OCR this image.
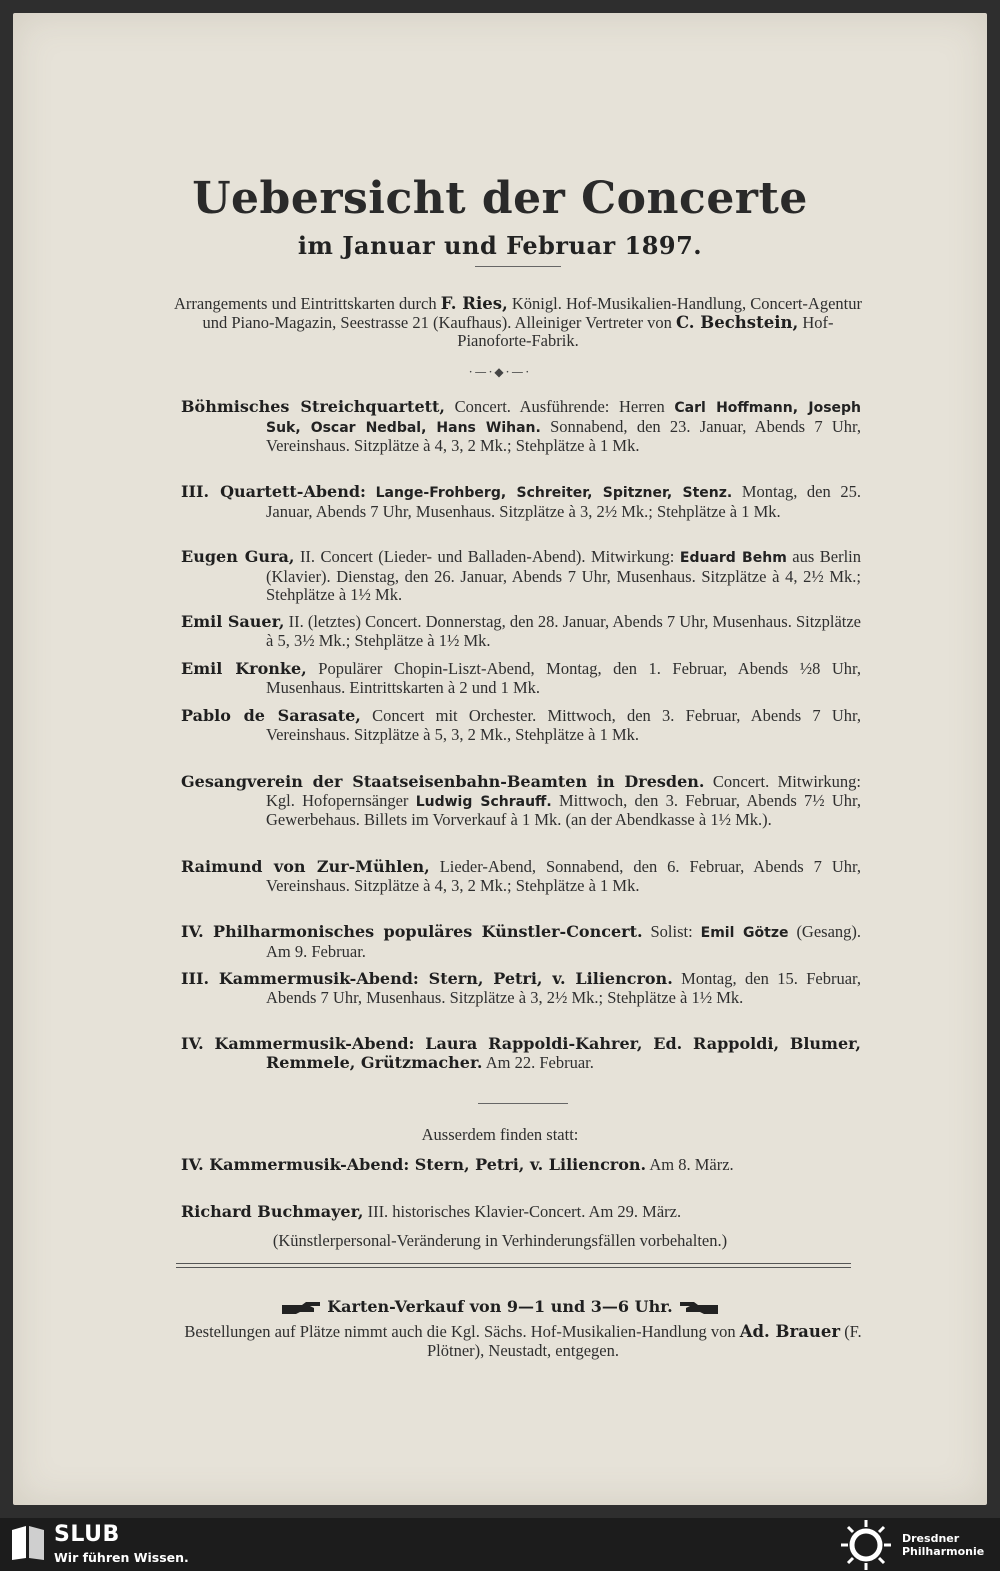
Uebersicht der Concerte
im Januar und Februar 1897.
Arrangements und Eintrittskarten durch F. Ries, Königl. Hof-Musikalien-Handlung, Concert-Agentur und Piano-Magazin, Seestrasse 21 (Kaufhaus). Alleiniger Vertreter von C. Bechstein, Hof-Pianoforte-Fabrik.
·—·◆·—·
Böhmisches Streichquartett, Concert. Ausführende: Herren Carl Hoffmann, Joseph Suk, Oscar Nedbal, Hans Wihan. Sonnabend, den 23. Januar, Abends 7 Uhr, Vereinshaus. Sitzplätze à 4, 3, 2 Mk.; Stehplätze à 1 Mk.
III. Quartett-Abend: Lange-Frohberg, Schreiter, Spitzner, Stenz. Montag, den 25. Januar, Abends 7 Uhr, Musenhaus. Sitzplätze à 3, 2½ Mk.; Stehplätze à 1 Mk.
Eugen Gura, II. Concert (Lieder- und Balladen-Abend). Mitwirkung: Eduard Behm aus Berlin (Klavier). Dienstag, den 26. Januar, Abends 7 Uhr, Musenhaus. Sitzplätze à 4, 2½ Mk.; Stehplätze à 1½ Mk.
Emil Sauer, II. (letztes) Concert. Donnerstag, den 28. Januar, Abends 7 Uhr, Musenhaus. Sitzplätze à 5, 3½ Mk.; Stehplätze à 1½ Mk.
Emil Kronke, Populärer Chopin-Liszt-Abend, Montag, den 1. Februar, Abends ½8 Uhr, Musenhaus. Eintrittskarten à 2 und 1 Mk.
Pablo de Sarasate, Concert mit Orchester. Mittwoch, den 3. Februar, Abends 7 Uhr, Vereinshaus. Sitzplätze à 5, 3, 2 Mk., Stehplätze à 1 Mk.
Gesangverein der Staatseisenbahn-Beamten in Dresden. Concert. Mitwirkung: Kgl. Hofopernsänger Ludwig Schrauff. Mittwoch, den 3. Februar, Abends 7½ Uhr, Gewerbehaus. Billets im Vorverkauf à 1 Mk. (an der Abendkasse à 1½ Mk.).
Raimund von Zur-Mühlen, Lieder-Abend, Sonnabend, den 6. Februar, Abends 7 Uhr, Vereinshaus. Sitzplätze à 4, 3, 2 Mk.; Stehplätze à 1 Mk.
IV. Philharmonisches populäres Künstler-Concert. Solist: Emil Götze (Gesang). Am 9. Februar.
III. Kammermusik-Abend: Stern, Petri, v. Liliencron. Montag, den 15. Februar, Abends 7 Uhr, Musenhaus. Sitzplätze à 3, 2½ Mk.; Stehplätze à 1½ Mk.
IV. Kammermusik-Abend: Laura Rappoldi-Kahrer, Ed. Rappoldi, Blumer, Remmele, Grützmacher. Am 22. Februar.
Ausserdem finden statt:
IV. Kammermusik-Abend: Stern, Petri, v. Liliencron. Am 8. März.
Richard Buchmayer, III. historisches Klavier-Concert. Am 29. März.
(Künstlerpersonal-Veränderung in Verhinderungsfällen vorbehalten.)
Karten-Verkauf von 9—1 und 3—6 Uhr.
Bestellungen auf Plätze nimmt auch die Kgl. Sächs. Hof-Musikalien-Handlung von Ad. Brauer (F. Plötner), Neustadt, entgegen.
SLUB
Wir führen Wissen.
Dresdner
Philharmonie
